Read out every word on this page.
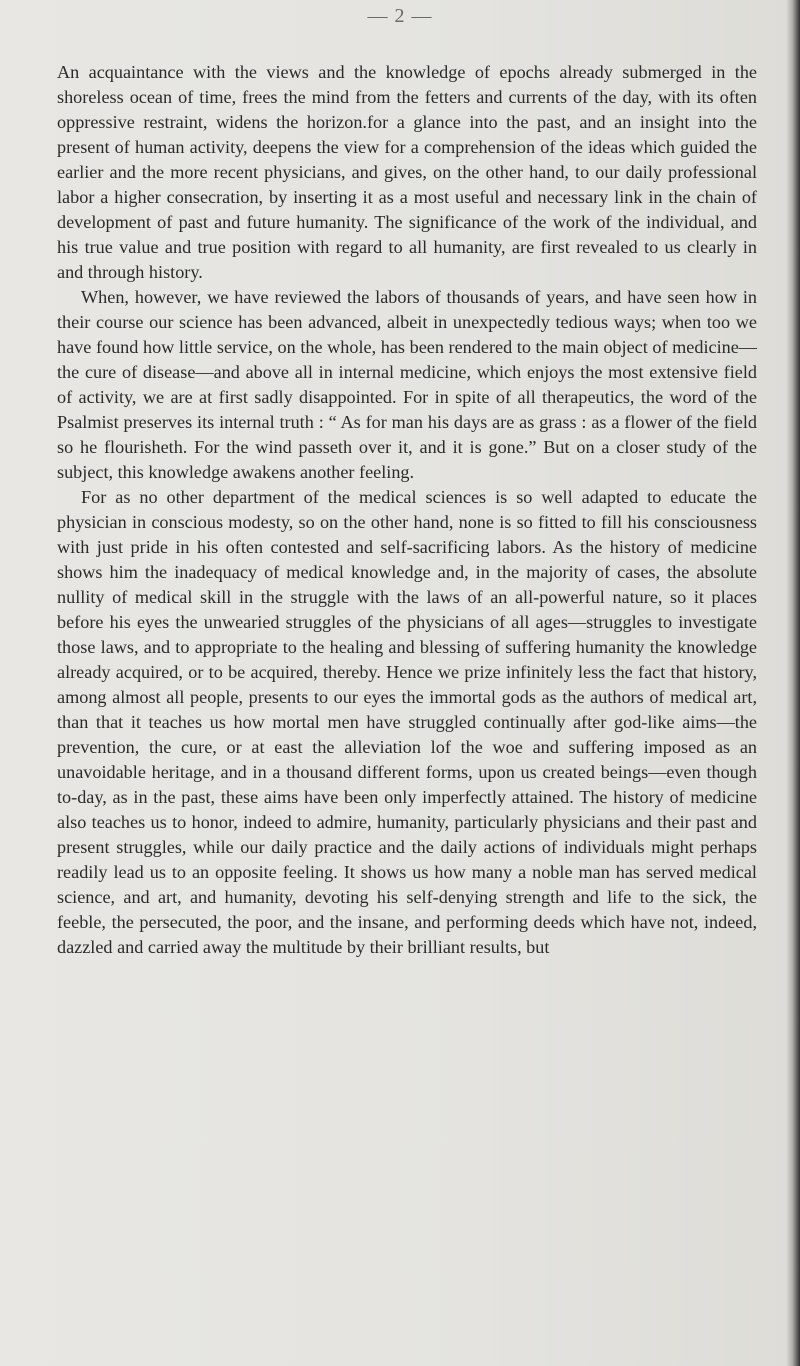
— 2 —

An acquaintance with the views and the knowledge of epochs already submerged in the shoreless ocean of time, frees the mind from the fetters and currents of the day, with its often oppressive restraint, widens the horizon.for a glance into the past, and an insight into the present of human activity, deepens the view for a comprehension of the ideas which guided the earlier and the more recent physicians, and gives, on the other hand, to our daily professional labor a higher consecration, by inserting it as a most useful and necessary link in the chain of development of past and future humanity. The significance of the work of the individual, and his true value and true position with regard to all humanity, are first revealed to us clearly in and through history.

When, however, we have reviewed the labors of thousands of years, and have seen how in their course our science has been advanced, albeit in unexpectedly tedious ways; when too we have found how little service, on the whole, has been rendered to the main object of medicine—the cure of disease—and above all in internal medicine, which enjoys the most extensive field of activity, we are at first sadly disappointed. For in spite of all therapeutics, the word of the Psalmist preserves its internal truth : “ As for man his days are as grass : as a flower of the field so he flourisheth. For the wind passeth over it, and it is gone.” But on a closer study of the subject, this knowledge awakens another feeling.

For as no other department of the medical sciences is so well adapted to educate the physician in conscious modesty, so on the other hand, none is so fitted to fill his consciousness with just pride in his often contested and self-sacrificing labors. As the history of medicine shows him the inadequacy of medical knowledge and, in the majority of cases, the absolute nullity of medical skill in the struggle with the laws of an all-powerful nature, so it places before his eyes the unwearied struggles of the physicians of all ages—struggles to investigate those laws, and to appropriate to the healing and blessing of suffering humanity the knowledge already acquired, or to be acquired, thereby. Hence we prize infinitely less the fact that history, among almost all people, presents to our eyes the immortal gods as the authors of medical art, than that it teaches us how mortal men have struggled continually after god-like aims—the prevention, the cure, or at east the alleviation lof the woe and suffering imposed as an unavoidable heritage, and in a thousand different forms, upon us created beings—even though to-day, as in the past, these aims have been only imperfectly attained. The history of medicine also teaches us to honor, indeed to admire, humanity, particularly physicians and their past and present struggles, while our daily practice and the daily actions of individuals might perhaps readily lead us to an opposite feeling. It shows us how many a noble man has served medical science, and art, and humanity, devoting his self-denying strength and life to the sick, the feeble, the persecuted, the poor, and the insane, and performing deeds which have not, indeed, dazzled and carried away the multitude by their brilliant results, but
